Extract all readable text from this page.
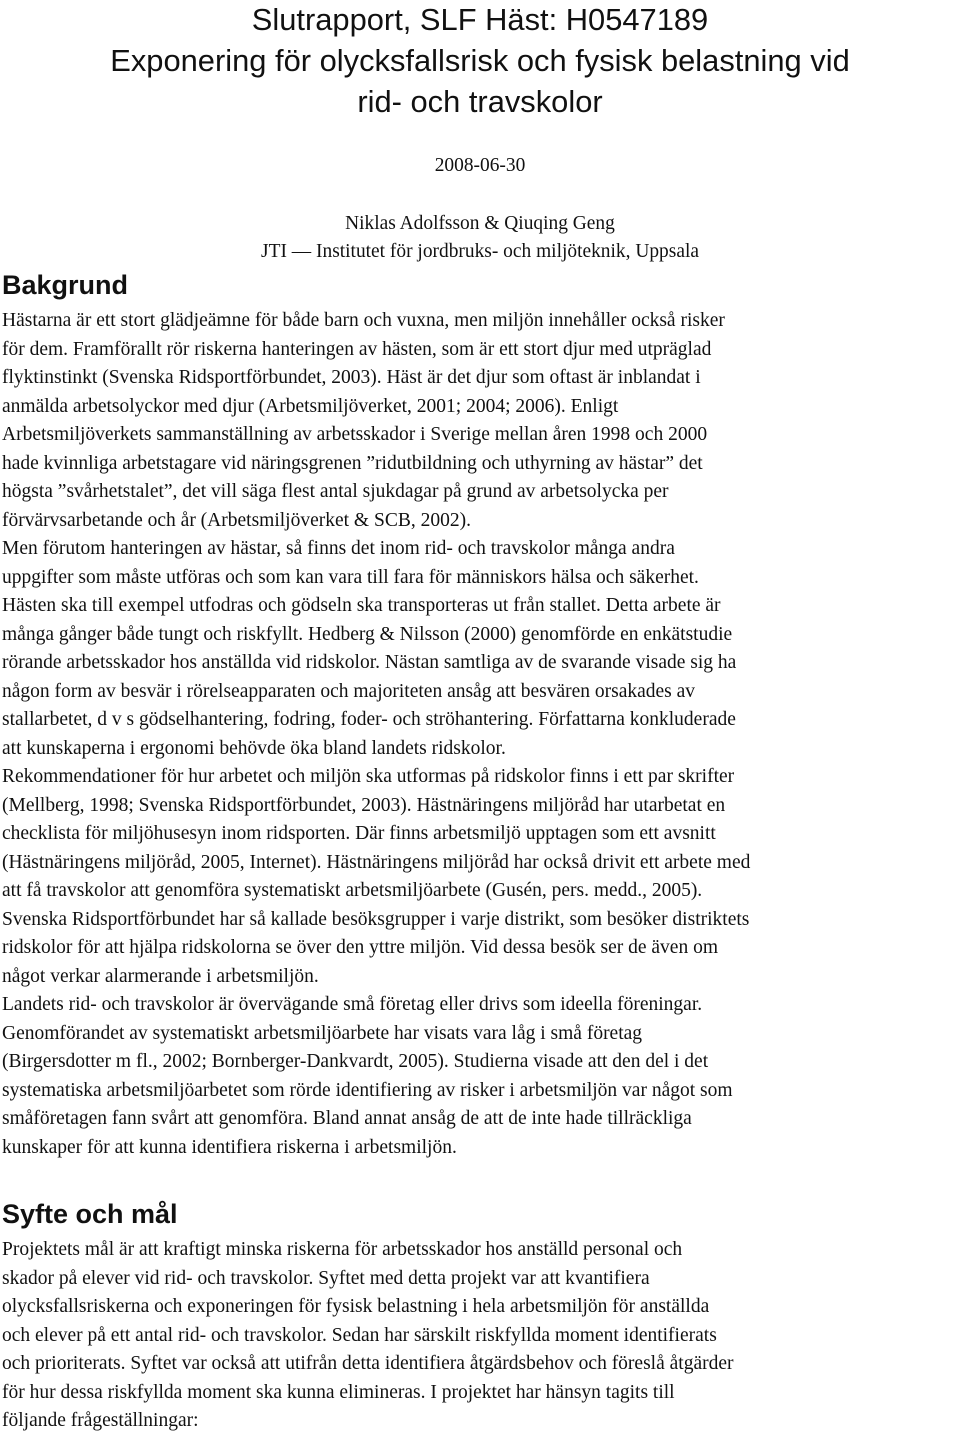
Slutrapport, SLF Häst: H0547189
Exponering för olycksfallsrisk och fysisk belastning vid
rid- och travskolor
2008-06-30
Niklas Adolfsson & Qiuqing Geng
JTI — Institutet för jordbruks- och miljöteknik, Uppsala
Bakgrund
Hästarna är ett stort glädjeämne för både barn och vuxna, men miljön innehåller också risker
för dem. Framförallt rör riskerna hanteringen av hästen, som är ett stort djur med utpräglad
flyktinstinkt (Svenska Ridsportförbundet, 2003). Häst är det djur som oftast är inblandat i
anmälda arbetsolyckor med djur (Arbetsmiljöverket, 2001; 2004; 2006). Enligt
Arbetsmiljöverkets sammanställning av arbetsskador i Sverige mellan åren 1998 och 2000
hade kvinnliga arbetstagare vid näringsgrenen ”ridutbildning och uthyrning av hästar” det
högsta ”svårhetstalet”, det vill säga flest antal sjukdagar på grund av arbetsolycka per
förvärvsarbetande och år (Arbetsmiljöverket & SCB, 2002).
Men förutom hanteringen av hästar, så finns det inom rid- och travskolor många andra
uppgifter som måste utföras och som kan vara till fara för människors hälsa och säkerhet.
Hästen ska till exempel utfodras och gödseln ska transporteras ut från stallet. Detta arbete är
många gånger både tungt och riskfyllt. Hedberg & Nilsson (2000) genomförde en enkätstudie
rörande arbetsskador hos anställda vid ridskolor. Nästan samtliga av de svarande visade sig ha
någon form av besvär i rörelseapparaten och majoriteten ansåg att besvären orsakades av
stallarbetet, d v s gödselhantering, fodring, foder- och ströhantering. Författarna konkluderade
att kunskaperna i ergonomi behövde öka bland landets ridskolor.
Rekommendationer för hur arbetet och miljön ska utformas på ridskolor finns i ett par skrifter
(Mellberg, 1998; Svenska Ridsportförbundet, 2003). Hästnäringens miljöråd har utarbetat en
checklista för miljöhusesyn inom ridsporten. Där finns arbetsmiljö upptagen som ett avsnitt
(Hästnäringens miljöråd, 2005, Internet). Hästnäringens miljöråd har också drivit ett arbete med
att få travskolor att genomföra systematiskt arbetsmiljöarbete (Gusén, pers. medd., 2005).
Svenska Ridsportförbundet har så kallade besöksgrupper i varje distrikt, som besöker distriktets
ridskolor för att hjälpa ridskolorna se över den yttre miljön. Vid dessa besök ser de även om
något verkar alarmerande i arbetsmiljön.
Landets rid- och travskolor är övervägande små företag eller drivs som ideella föreningar.
Genomförandet av systematiskt arbetsmiljöarbete har visats vara låg i små företag
(Birgersdotter m fl., 2002; Bornberger-Dankvardt, 2005). Studierna visade att den del i det
systematiska arbetsmiljöarbetet som rörde identifiering av risker i arbetsmiljön var något som
småföretagen fann svårt att genomföra. Bland annat ansåg de att de inte hade tillräckliga
kunskaper för att kunna identifiera riskerna i arbetsmiljön.
Syfte och mål
Projektets mål är att kraftigt minska riskerna för arbetsskador hos anställd personal och
skador på elever vid rid- och travskolor. Syftet med detta projekt var att kvantifiera
olycksfallsriskerna och exponeringen för fysisk belastning i hela arbetsmiljön för anställda
och elever på ett antal rid- och travskolor. Sedan har särskilt riskfyllda moment identifierats
och prioriterats. Syftet var också att utifrån detta identifiera åtgärdsbehov och föreslå åtgärder
för hur dessa riskfyllda moment ska kunna elimineras. I projektet har hänsyn tagits till
följande frågeställningar:
